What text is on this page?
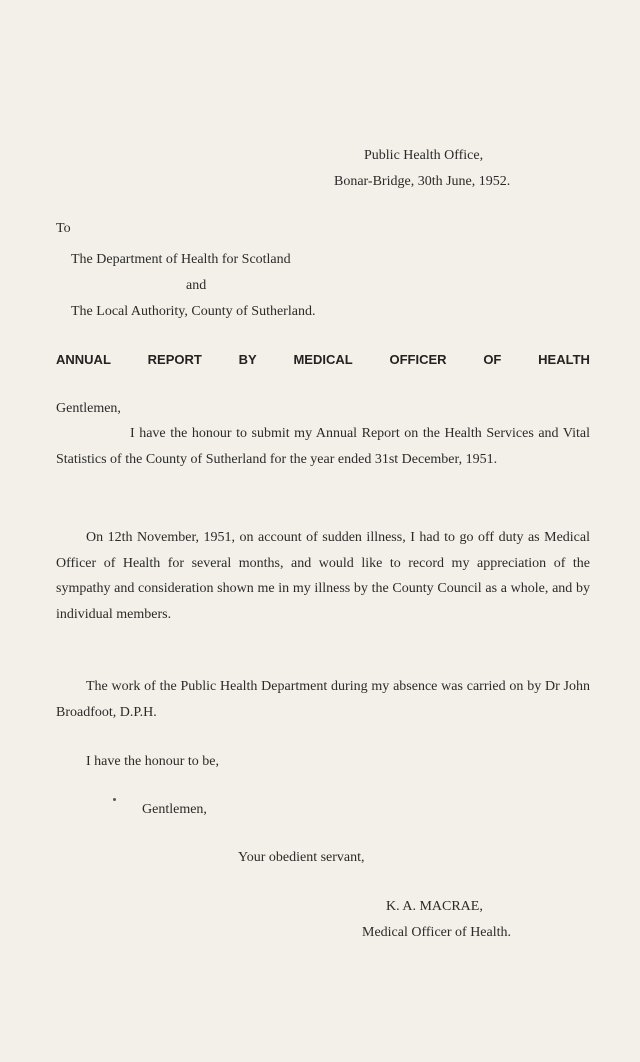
Public Health Office,
Bonar-Bridge, 30th June, 1952.
To
The Department of Health for Scotland
and
The Local Authority, County of Sutherland.
ANNUAL	REPORT	BY	MEDICAL	OFFICER	OF	HEALTH
Gentlemen,
I have the honour to submit my Annual Report on the Health Services and Vital Statistics of the County of Sutherland for the year ended 31st December, 1951.
On 12th November, 1951, on account of sudden illness, I had to go off duty as Medical Officer of Health for several months, and would like to record my appreciation of the sympathy and consideration shown me in my illness by the County Council as a whole, and by individual members.
The work of the Public Health Department during my absence was carried on by Dr John Broadfoot, D.P.H.
I have the honour to be,
Gentlemen,
Your obedient servant,
K. A. MACRAE,
Medical Officer of Health.
